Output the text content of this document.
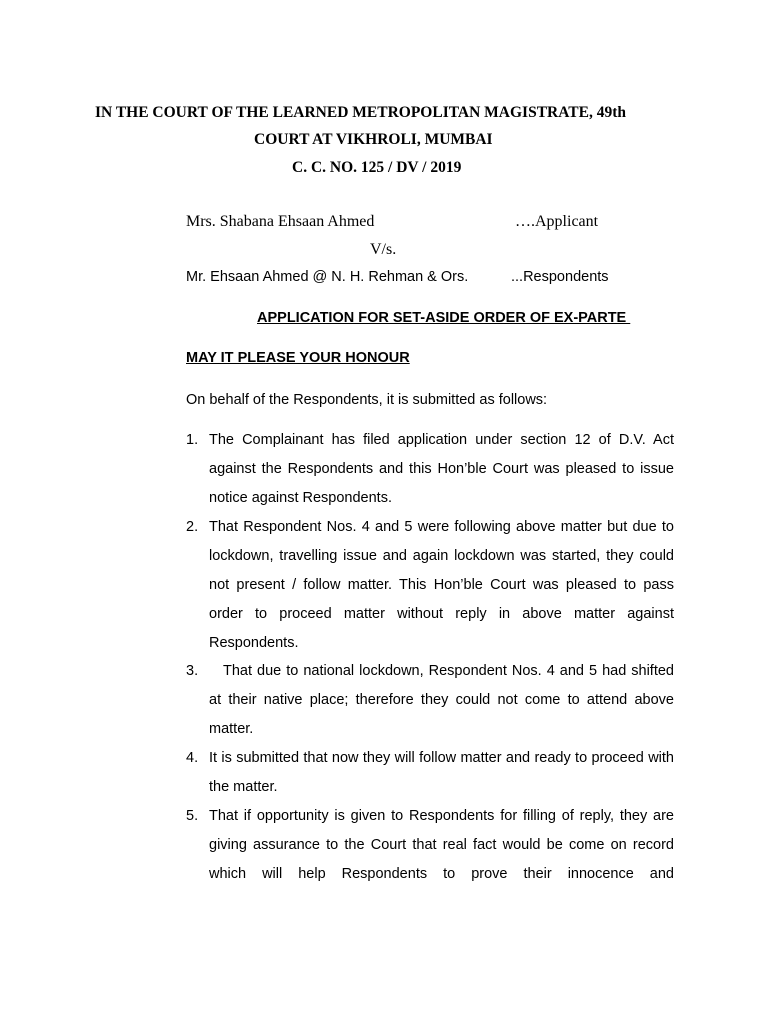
IN THE COURT OF THE LEARNED METROPOLITAN MAGISTRATE, 49th
COURT AT VIKHROLI, MUMBAI
C. C. NO. 125 / DV / 2019
Mrs. Shabana Ehsaan Ahmed	….Applicant
V/s.
Mr. Ehsaan Ahmed @ N. H. Rehman & Ors.	...Respondents
APPLICATION FOR SET-ASIDE ORDER OF EX-PARTE
MAY IT PLEASE YOUR HONOUR
On behalf of the Respondents, it is submitted as follows:
1. The Complainant has filed application under section 12 of D.V. Act against the Respondents and this Hon’ble Court was pleased to issue notice against Respondents.
2. That Respondent Nos. 4 and 5 were following above matter but due to lockdown, travelling issue and again lockdown was started, they could not present / follow matter. This Hon’ble Court was pleased to pass order to proceed matter without reply in above matter against Respondents.
3.	That due to national lockdown, Respondent Nos. 4 and 5 had shifted at their native place; therefore they could not come to attend above matter.
4. It is submitted that now they will follow matter and ready to proceed with the matter.
5. That if opportunity is given to Respondents for filling of reply, they are giving assurance to the Court that real fact would be come on record which will help Respondents to prove their innocence and
